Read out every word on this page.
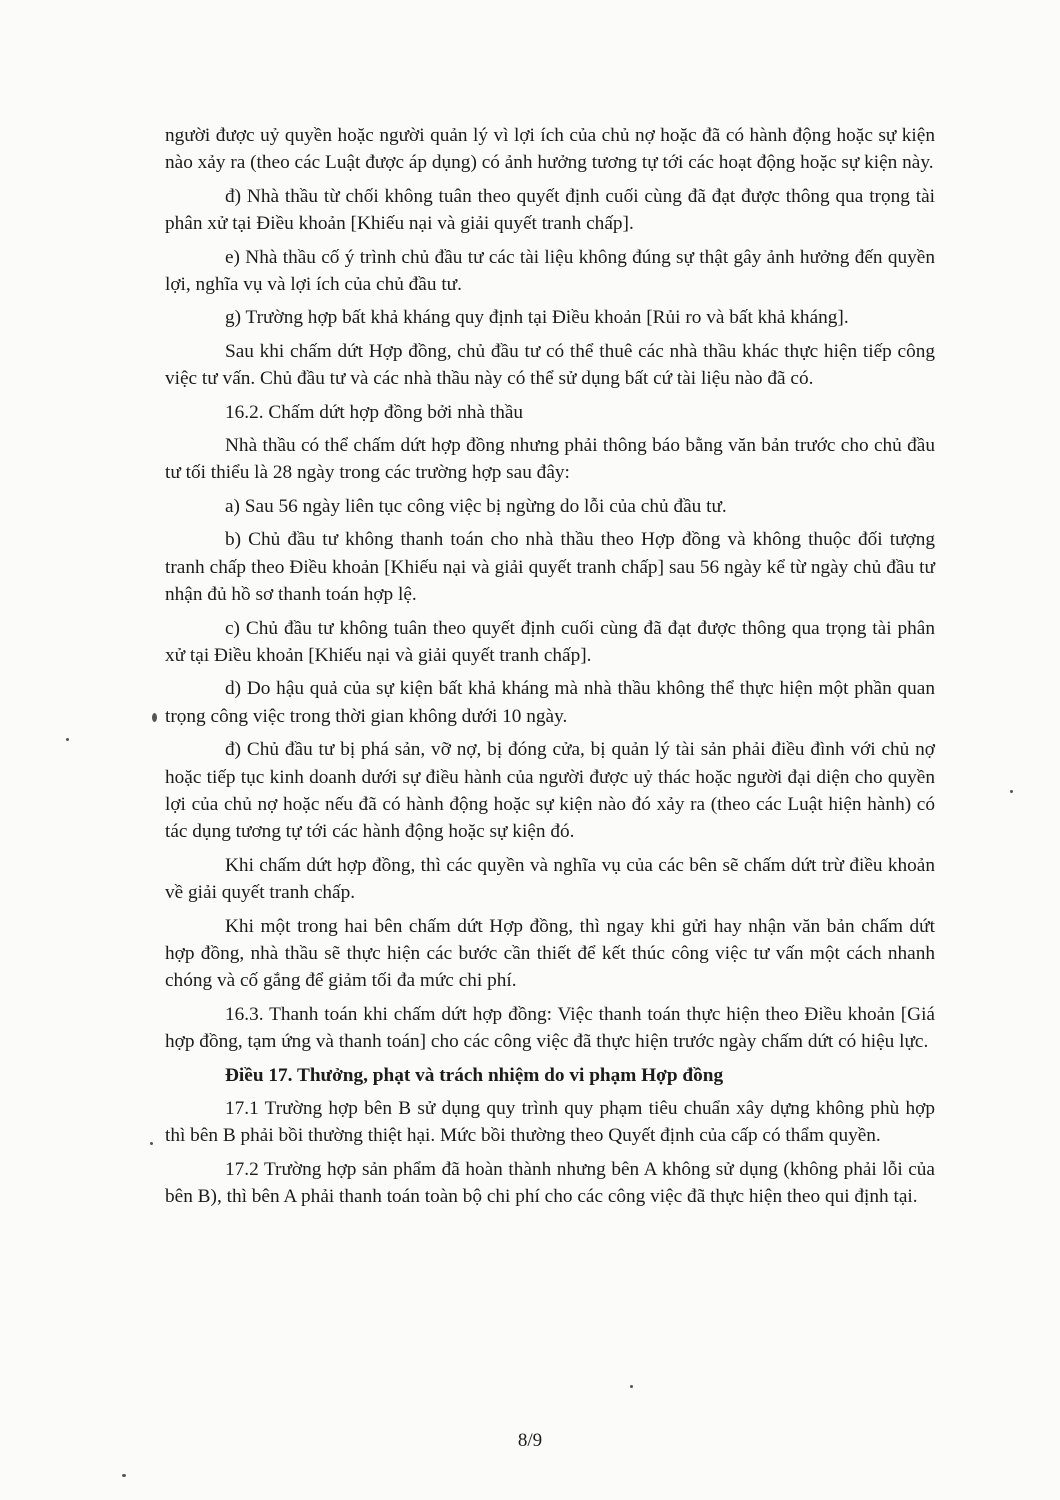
người được uỷ quyền hoặc người quản lý vì lợi ích của chủ nợ hoặc đã có hành động hoặc sự kiện nào xảy ra (theo các Luật được áp dụng) có ảnh hưởng tương tự tới các hoạt động hoặc sự kiện này.

đ) Nhà thầu từ chối không tuân theo quyết định cuối cùng đã đạt được thông qua trọng tài phân xử tại Điều khoản [Khiếu nại và giải quyết tranh chấp].

e) Nhà thầu cố ý trình chủ đầu tư các tài liệu không đúng sự thật gây ảnh hưởng đến quyền lợi, nghĩa vụ và lợi ích của chủ đầu tư.

g) Trường hợp bất khả kháng quy định tại Điều khoản [Rủi ro và bất khả kháng].

Sau khi chấm dứt Hợp đồng, chủ đầu tư có thể thuê các nhà thầu khác thực hiện tiếp công việc tư vấn. Chủ đầu tư và các nhà thầu này có thể sử dụng bất cứ tài liệu nào đã có.

16.2. Chấm dứt hợp đồng bởi nhà thầu

Nhà thầu có thể chấm dứt hợp đồng nhưng phải thông báo bằng văn bản trước cho chủ đầu tư tối thiểu là 28 ngày trong các trường hợp sau đây:

a) Sau 56 ngày liên tục công việc bị ngừng do lỗi của chủ đầu tư.

b) Chủ đầu tư không thanh toán cho nhà thầu theo Hợp đồng và không thuộc đối tượng tranh chấp theo Điều khoản [Khiếu nại và giải quyết tranh chấp] sau 56 ngày kể từ ngày chủ đầu tư nhận đủ hồ sơ thanh toán hợp lệ.

c) Chủ đầu tư không tuân theo quyết định cuối cùng đã đạt được thông qua trọng tài phân xử tại Điều khoản [Khiếu nại và giải quyết tranh chấp].

d) Do hậu quả của sự kiện bất khả kháng mà nhà thầu không thể thực hiện một phần quan trọng công việc trong thời gian không dưới 10 ngày.

đ) Chủ đầu tư bị phá sản, vỡ nợ, bị đóng cửa, bị quản lý tài sản phải điều đình với chủ nợ hoặc tiếp tục kinh doanh dưới sự điều hành của người được uỷ thác hoặc người đại diện cho quyền lợi của chủ nợ hoặc nếu đã có hành động hoặc sự kiện nào đó xảy ra (theo các Luật hiện hành) có tác dụng tương tự tới các hành động hoặc sự kiện đó.

Khi chấm dứt hợp đồng, thì các quyền và nghĩa vụ của các bên sẽ chấm dứt trừ điều khoản về giải quyết tranh chấp.

Khi một trong hai bên chấm dứt Hợp đồng, thì ngay khi gửi hay nhận văn bản chấm dứt hợp đồng, nhà thầu sẽ thực hiện các bước cần thiết để kết thúc công việc tư vấn một cách nhanh chóng và cố gắng để giảm tối đa mức chi phí.

16.3. Thanh toán khi chấm dứt hợp đồng: Việc thanh toán thực hiện theo Điều khoản [Giá hợp đồng, tạm ứng và thanh toán] cho các công việc đã thực hiện trước ngày chấm dứt có hiệu lực.

Điều 17. Thưởng, phạt và trách nhiệm do vi phạm Hợp đồng

17.1 Trường hợp bên B sử dụng quy trình quy phạm tiêu chuẩn xây dựng không phù hợp thì bên B phải bồi thường thiệt hại. Mức bồi thường theo Quyết định của cấp có thẩm quyền.

17.2 Trường hợp sản phẩm đã hoàn thành nhưng bên A không sử dụng (không phải lỗi của bên B), thì bên A phải thanh toán toàn bộ chi phí cho các công việc đã thực hiện theo qui định tại.

8/9
